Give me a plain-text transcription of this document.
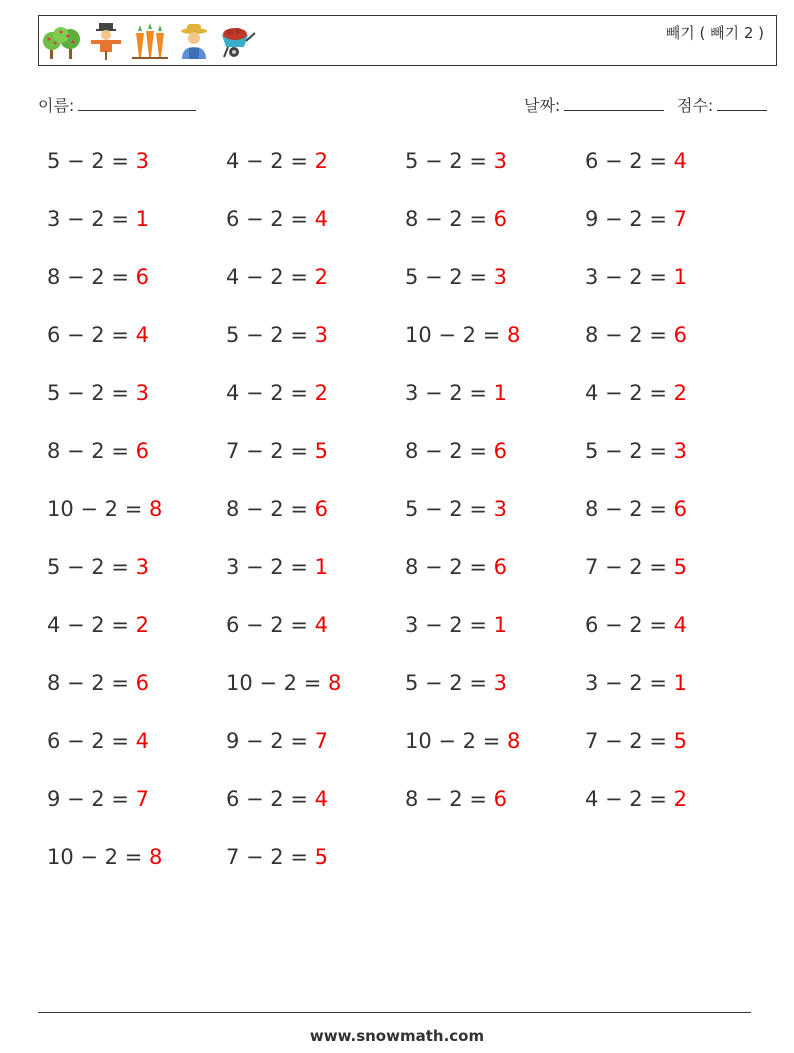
빼기 ( 빼기 2 )
이름:	날짜:	점수:
5 − 2 = 3	4 − 2 = 2	5 − 2 = 3	6 − 2 = 4
3 − 2 = 1	6 − 2 = 4	8 − 2 = 6	9 − 2 = 7
8 − 2 = 6	4 − 2 = 2	5 − 2 = 3	3 − 2 = 1
6 − 2 = 4	5 − 2 = 3	10 − 2 = 8	8 − 2 = 6
5 − 2 = 3	4 − 2 = 2	3 − 2 = 1	4 − 2 = 2
8 − 2 = 6	7 − 2 = 5	8 − 2 = 6	5 − 2 = 3
10 − 2 = 8	8 − 2 = 6	5 − 2 = 3	8 − 2 = 6
5 − 2 = 3	3 − 2 = 1	8 − 2 = 6	7 − 2 = 5
4 − 2 = 2	6 − 2 = 4	3 − 2 = 1	6 − 2 = 4
8 − 2 = 6	10 − 2 = 8	5 − 2 = 3	3 − 2 = 1
6 − 2 = 4	9 − 2 = 7	10 − 2 = 8	7 − 2 = 5
9 − 2 = 7	6 − 2 = 4	8 − 2 = 6	4 − 2 = 2
10 − 2 = 8	7 − 2 = 5
www.snowmath.com
